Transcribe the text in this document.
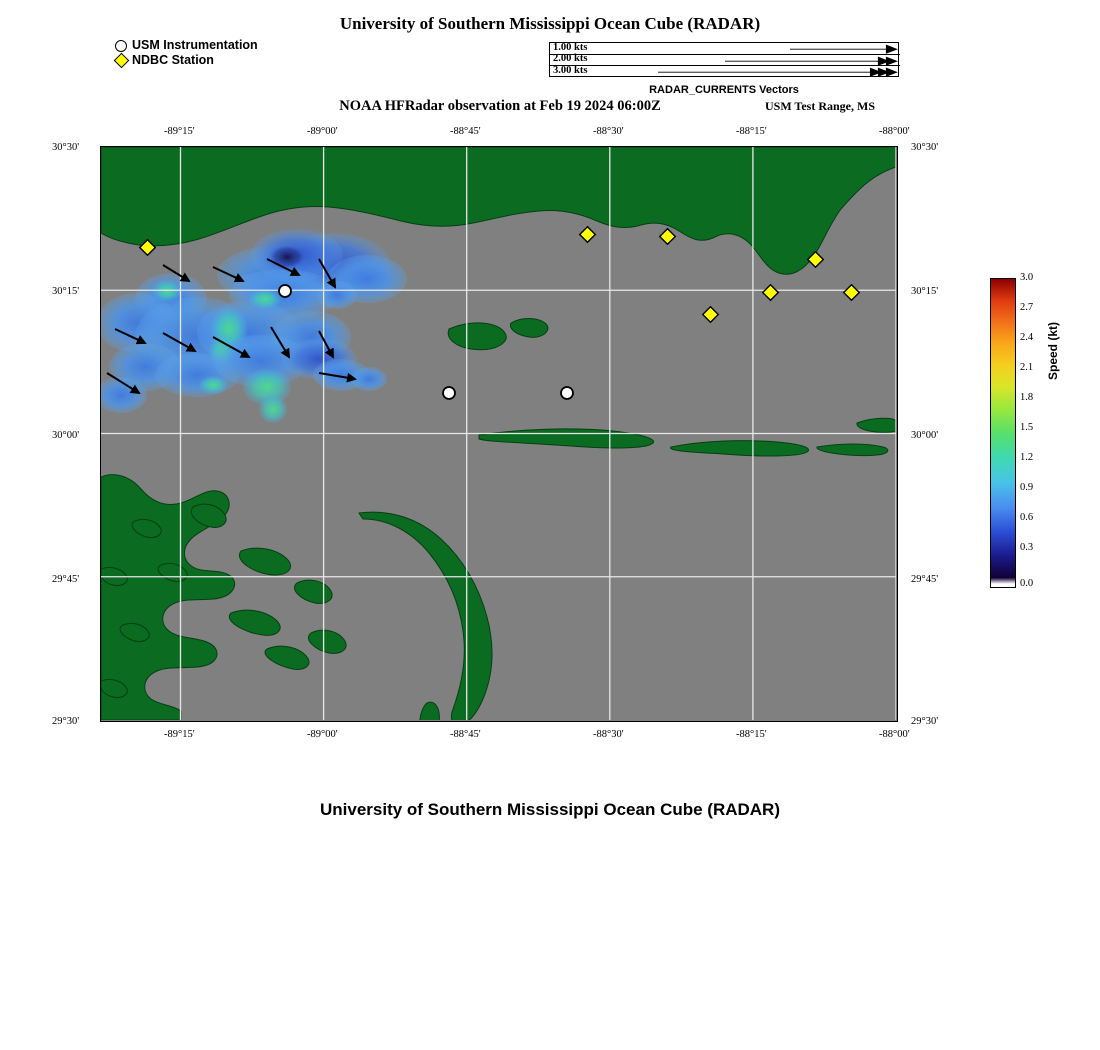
University of Southern Mississippi Ocean Cube (RADAR)
USM Instrumentation
NDBC Station
1.00 kts
2.00 kts
3.00 kts
RADAR_CURRENTS Vectors
NOAA HFRadar observation at Feb 19 2024 06:00Z	USM Test Range, MS
-89°15'	-89°00'	-88°45'	-88°30'	-88°15'	-88°00'
-89°15'	-89°00'	-88°45'	-88°30'	-88°15'	-88°00'
30°30'
30°15'
30°00'
29°45'
29°30'
30°30'
30°15'
30°00'
29°45'
29°30'
3.0
2.7
2.4
2.1
1.8
1.5
1.2
0.9
0.6
0.3
0.0
Speed (kt)
University of Southern Mississippi Ocean Cube (RADAR)
